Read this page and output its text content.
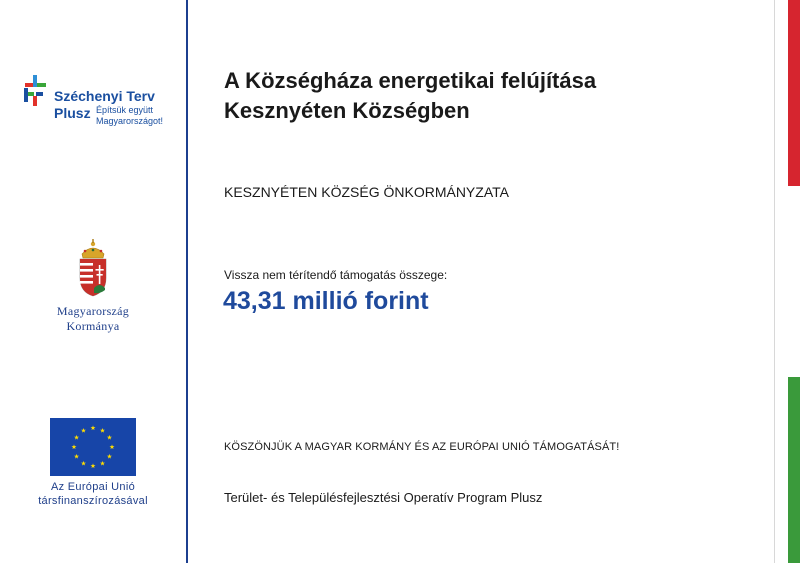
Széchenyi Terv
Plusz Építsük együtt
Magyarországot!
Magyarország
Kormánya
Az Európai Unió
társfinanszírozásával
A Községháza energetikai felújítása
Kesznyéten Községben
KESZNYÉTEN KÖZSÉG ÖNKORMÁNYZATA
Vissza nem térítendő támogatás összege:
43,31 millió forint
KÖSZÖNJÜK A MAGYAR KORMÁNY ÉS AZ EURÓPAI UNIÓ TÁMOGATÁSÁT!
Terület- és Településfejlesztési Operatív Program Plusz
